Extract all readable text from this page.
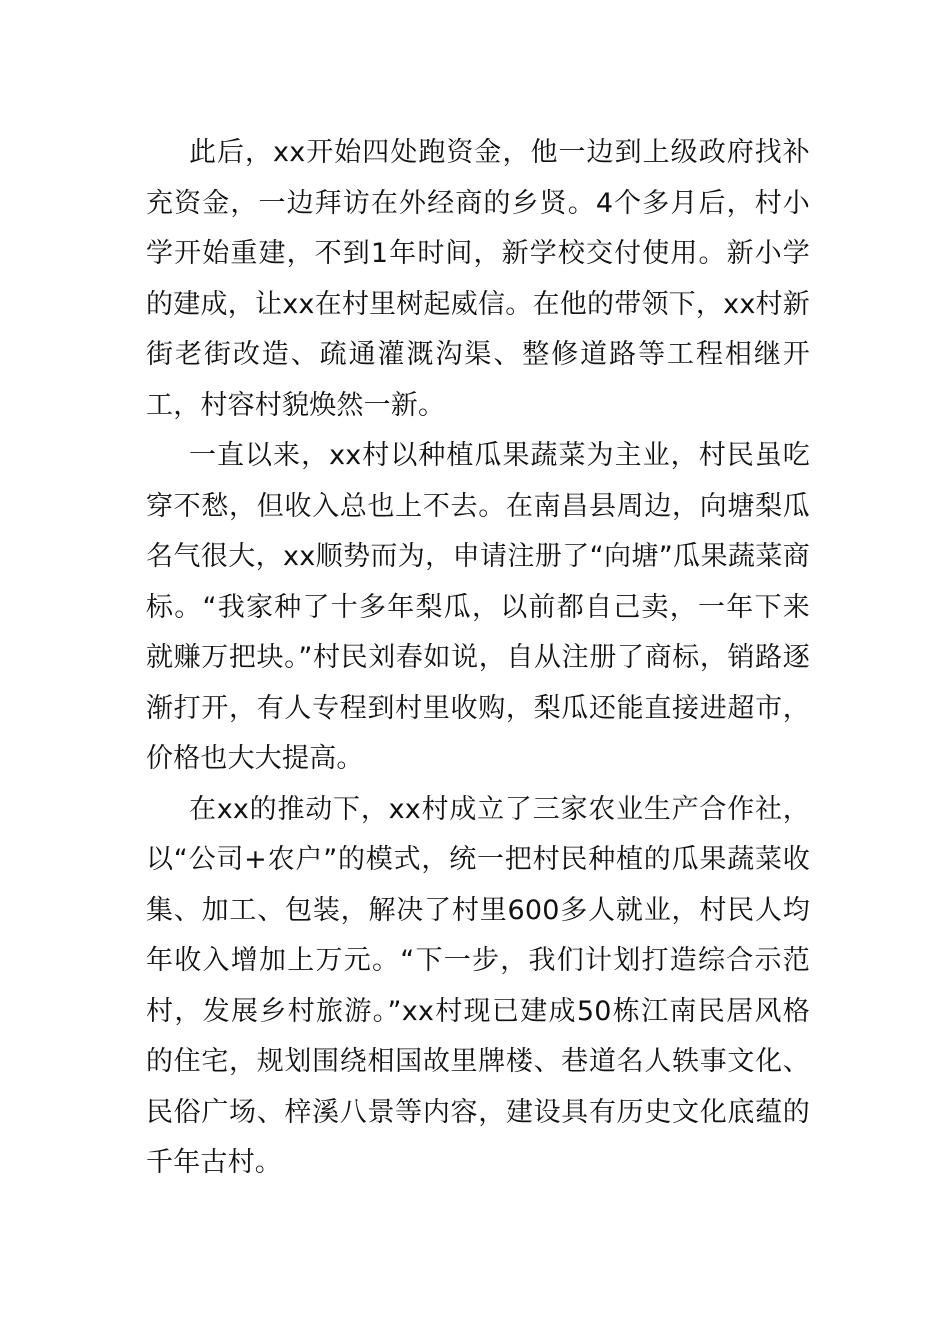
此后，xx开始四处跑资金，他一边到上级政府找补充资金，一边拜访在外经商的乡贤。4个多月后，村小学开始重建，不到1年时间，新学校交付使用。新小学的建成，让xx在村里树起威信。在他的带领下，xx村新街老街改造、疏通灌溉沟渠、整修道路等工程相继开工，村容村貌焕然一新。

一直以来，xx村以种植瓜果蔬菜为主业，村民虽吃穿不愁，但收入总也上不去。在南昌县周边，向塘梨瓜名气很大，xx顺势而为，申请注册了“向塘”瓜果蔬菜商标。“我家种了十多年梨瓜，以前都自己卖，一年下来就赚万把块。”村民刘春如说，自从注册了商标，销路逐渐打开，有人专程到村里收购，梨瓜还能直接进超市，价格也大大提高。

在xx的推动下，xx村成立了三家农业生产合作社，以“公司+农户”的模式，统一把村民种植的瓜果蔬菜收集、加工、包装，解决了村里600多人就业，村民人均年收入增加上万元。“下一步，我们计划打造综合示范村，发展乡村旅游。”xx村现已建成50栋江南民居风格的住宅，规划围绕相国故里牌楼、巷道名人轶事文化、民俗广场、梓溪八景等内容，建设具有历史文化底蕴的千年古村。
